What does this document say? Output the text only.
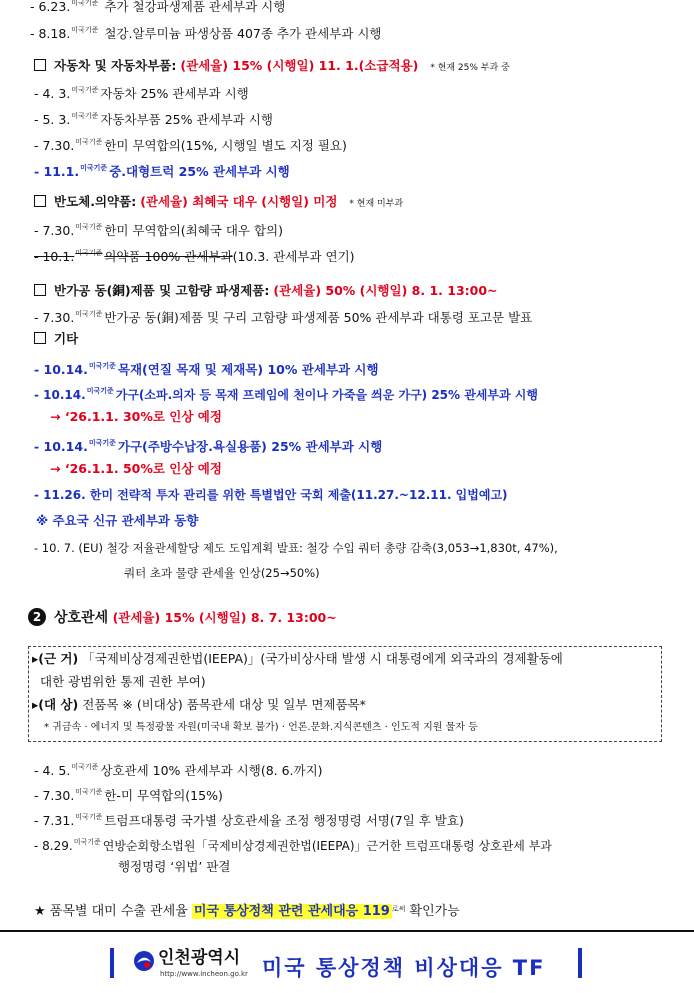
- 6.23.$^{미국기준}$ 추가 철강파생제품 관세부과 시행
- 8.18.$^{미국기준}$ 철강.알루미늄 파생상품 407종 추가 관세부과 시행
자동차 및 자동차부품: (관세율) 15% (시행일) 11. 1.(소급적용) * 현재 25% 부과 중
- 4. 3.$^{미국기준}$ 자동차 25% 관세부과 시행
- 5. 3.$^{미국기준}$ 자동차부품 25% 관세부과 시행
- 7.30.$^{미국기준}$ 한미 무역합의(15%, 시행일 별도 지정 필요)
- 11.1.$^{미국기준}$ 중.대형트럭 25% 관세부과 시행
반도체.의약품: (관세율) 최혜국 대우 (시행일) 미정 * 현재 미부과
- 7.30.$^{미국기준}$ 한미 무역합의(최혜국 대우 합의)
- 10.1.$^{미국기준}$ 의약품 100% 관세부과(10.3. 관세부과 연기)
반가공 동(銅)제품 및 고함량 파생제품: (관세율) 50% (시행일) 8. 1. 13:00~
- 7.30.$^{미국기준}$ 반가공 동(銅)제품 및 구리 고함량 파생제품 50% 관세부과 대통령 포고문 발표
기타
- 10.14.$^{미국기준}$ 목재(연질 목재 및 제재목) 10% 관세부과 시행
- 10.14.$^{미국기준}$ 가구(소파.의자 등 목재 프레임에 천이나 가죽을 씌운 가구) 25% 관세부과 시행
→ ‘26.1.1. 30%로 인상 예정
- 10.14.$^{미국기준}$ 가구(주방수납장.욕실용품) 25% 관세부과 시행
→ ‘26.1.1. 50%로 인상 예정
- 11.26. 한미 전략적 투자 관리를 위한 특별법안 국회 제출(11.27.~12.11. 입법예고)
※ 주요국 신규 관세부과 동향
- 10. 7. (EU) 철강 저율관세할당 제도 도입계획 발표: 철강 수입 쿼터 총량 감축(3,053→1,830t, 47%),
쿼터 초과 물량 관세율 인상(25→50%)
2 상호관세 (관세율) 15% (시행일) 8. 7. 13:00~
▸(근 거) 「국제비상경제권한법(IEEPA)」(국가비상사태 발생 시 대통령에게 외국과의 경제활동에
대한 광범위한 통제 권한 부여)
▸(대 상) 전품목 ※ (비대상) 품목관세 대상 및 일부 면제품목*
* 귀금속 · 에너지 및 특정광물 자원(미국내 확보 불가) · 언론.문화.지식콘텐츠 · 인도적 지원 물자 등
- 4. 5.$^{미국기준}$ 상호관세 10% 관세부과 시행(8. 6.까지)
- 7.30.$^{미국기준}$ 한-미 무역합의(15%)
- 7.31.$^{미국기준}$ 트럼프대통령 국가별 상호관세율 조정 행정명령 서명(7일 후 발효)
- 8.29.$^{미국기준}$ 연방순회항소법원「국제비상경제권한법(IEEPA)」근거한 트럼프대통령 상호관세 부과
행정명령 ‘위법’ 판결
★ 품목별 대미 수출 관세율 미국 통상정책 관련 관세대응 119 $^{로써}$ 확인가능
인천광역시
http://www.incheon.go.kr 미국 통상정책 비상대응 TF
